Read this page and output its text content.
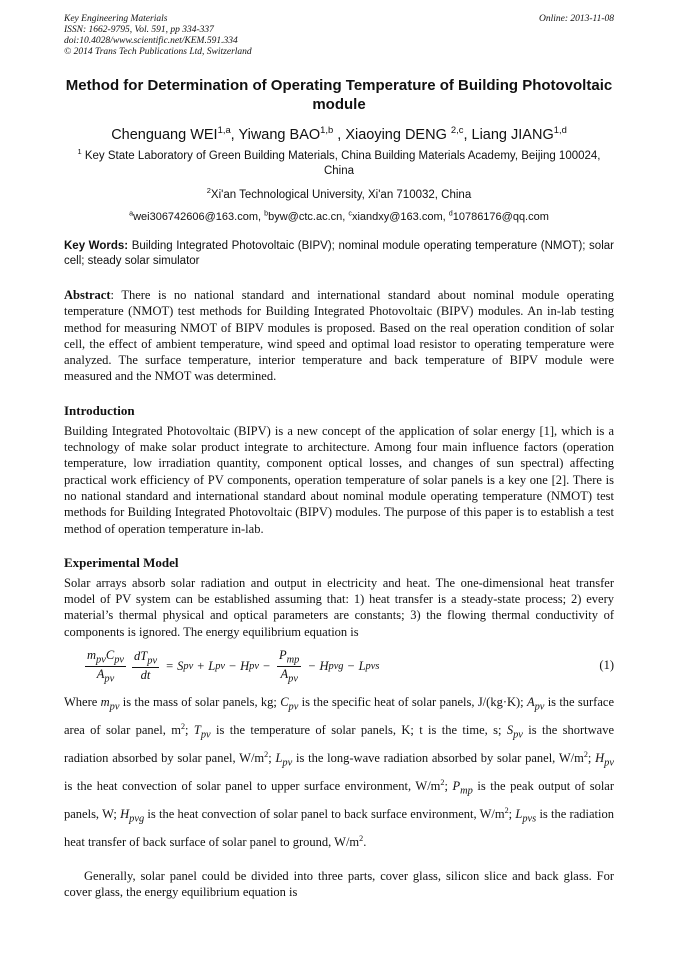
Key Engineering Materials
ISSN: 1662-9795, Vol. 591, pp 334-337
doi:10.4028/www.scientific.net/KEM.591.334
© 2014 Trans Tech Publications Ltd, Switzerland
Online: 2013-11-08
Method for Determination of Operating Temperature of Building Photovoltaic module
Chenguang WEI$^{1,a}$, Yiwang BAO$^{1,b}$ , Xiaoying DENG $^{2,c}$, Liang JIANG$^{1,d}$
$^1$ Key State Laboratory of Green Building Materials, China Building Materials Academy, Beijing 100024, China
$^2$Xi'an Technological University, Xi'an 710032, China
$^a$wei306742606@163.com, $^b$byw@ctc.ac.cn, $^c$xiandxy@163.com, $^d$10786176@qq.com
Key Words: Building Integrated Photovoltaic (BIPV); nominal module operating temperature (NMOT); solar cell; steady solar simulator

Abstract: There is no national standard and international standard about nominal module operating temperature (NMOT) test methods for Building Integrated Photovoltaic (BIPV) modules. An in-lab testing method for measuring NMOT of BIPV modules is proposed. Based on the real operation condition of solar cell, the effect of ambient temperature, wind speed and optimal load resistor to operating temperature were analyzed. The surface temperature, interior temperature and back temperature of BIPV module were measured and the NMOT was determined.

Introduction

Building Integrated Photovoltaic (BIPV) is a new concept of the application of solar energy [1], which is a technology of make solar product integrate to architecture. Among four main influence factors (operation temperature, low irradiation quantity, component optical losses, and changes of sun spectral) affecting practical work efficiency of PV components, operation temperature of solar panels is a key one [2]. There is no national standard and international standard about nominal module operating temperature (NMOT) test methods for Building Integrated Photovoltaic (BIPV) modules. The purpose of this paper is to establish a test method of operation temperature in-lab.

Experimental Model

Solar arrays absorb solar radiation and output in electricity and heat. The one-dimensional heat transfer model of PV system can be established assuming that: 1) heat transfer is a steady-state process; 2) every material’s thermal physical and optical parameters are constants; 3) the flowing thermal conductivity of components is ignored. The energy equilibrium equation is

$\frac{m_{pv}C_{pv}}{A_{pv}} \frac{dT_{pv}}{dt} = S$ pv + L pv − H pv − $\frac{P_{mp}}{A_{pv}} - H$ pvg − L pvs	(1)

Where $m_{pv}$ is the mass of solar panels, kg; $C_{pv}$ is the specific heat of solar panels, J/(kg·K); $A_{pv}$ is the surface area of solar panel, $m^2$; $T_{pv}$ is the temperature of solar panels, K; t is the time, s; $S_{pv}$ is the shortwave radiation absorbed by solar panel, $W/m^2$; $L_{pv}$ is the long-wave radiation absorbed by solar panel, $W/m^2$; $H_{pv}$ is the heat convection of solar panel to upper surface environment, $W/m^2$; $P_{mp}$ is the peak output of solar panels, W; $H_{pvg}$ is the heat convection of solar panel to back surface environment, $W/m^2$; $L_{pvs}$ is the radiation heat transfer of back surface of solar panel to ground, $W/m^2$.

Generally, solar panel could be divided into three parts, cover glass, silicon slice and back glass. For cover glass, the energy equilibrium equation is
